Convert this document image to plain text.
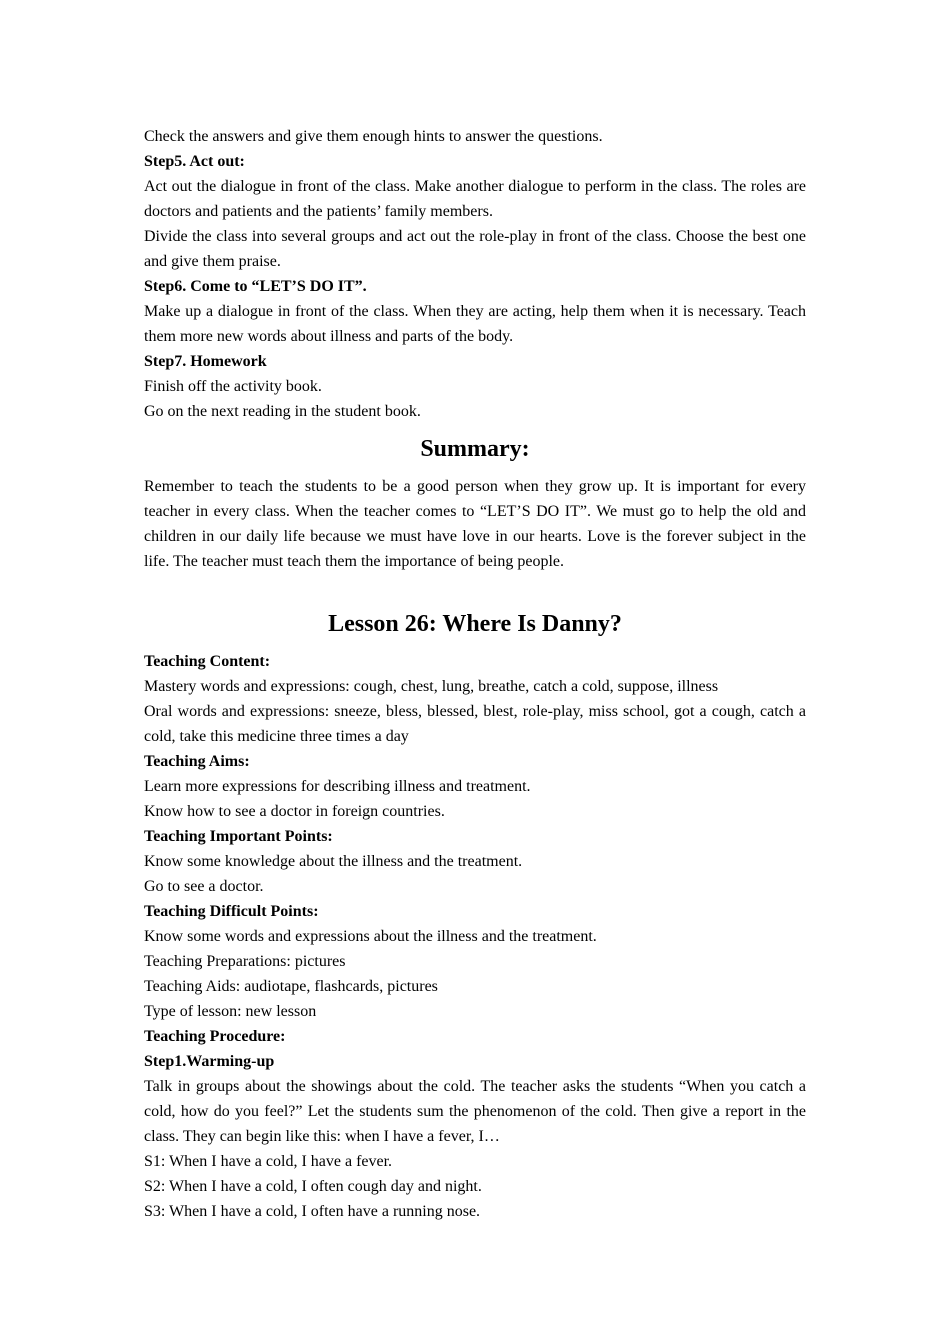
Check the answers and give them enough hints to answer the questions.

Step5. Act out:

Act out the dialogue in front of the class. Make another dialogue to perform in the class. The roles are doctors and patients and the patients’ family members.

Divide the class into several groups and act out the role-play in front of the class. Choose the best one and give them praise.

Step6. Come to “LET’S DO IT”.

Make up a dialogue in front of the class. When they are acting, help them when it is necessary. Teach them more new words about illness and parts of the body.

Step7. Homework

Finish off the activity book.

Go on the next reading in the student book.

Summary:

Remember to teach the students to be a good person when they grow up. It is important for every teacher in every class. When the teacher comes to “LET’S DO IT”. We must go to help the old and children in our daily life because we must have love in our hearts. Love is the forever subject in the life. The teacher must teach them the importance of being people.

Lesson 26: Where Is Danny?

Teaching Content:

Mastery words and expressions: cough, chest, lung, breathe, catch a cold, suppose, illness

Oral words and expressions: sneeze, bless, blessed, blest, role-play, miss school, got a cough, catch a cold, take this medicine three times a day

Teaching Aims:

Learn more expressions for describing illness and treatment.

Know how to see a doctor in foreign countries.

Teaching Important Points:

Know some knowledge about the illness and the treatment.

Go to see a doctor.

Teaching Difficult Points:

Know some words and expressions about the illness and the treatment.

Teaching Preparations: pictures

Teaching Aids: audiotape, flashcards, pictures

Type of lesson: new lesson

Teaching Procedure:

Step1.Warming-up

Talk in groups about the showings about the cold. The teacher asks the students “When you catch a cold, how do you feel?” Let the students sum the phenomenon of the cold. Then give a report in the class. They can begin like this: when I have a fever, I…

S1: When I have a cold, I have a fever.

S2: When I have a cold, I often cough day and night.

S3: When I have a cold, I often have a running nose.
